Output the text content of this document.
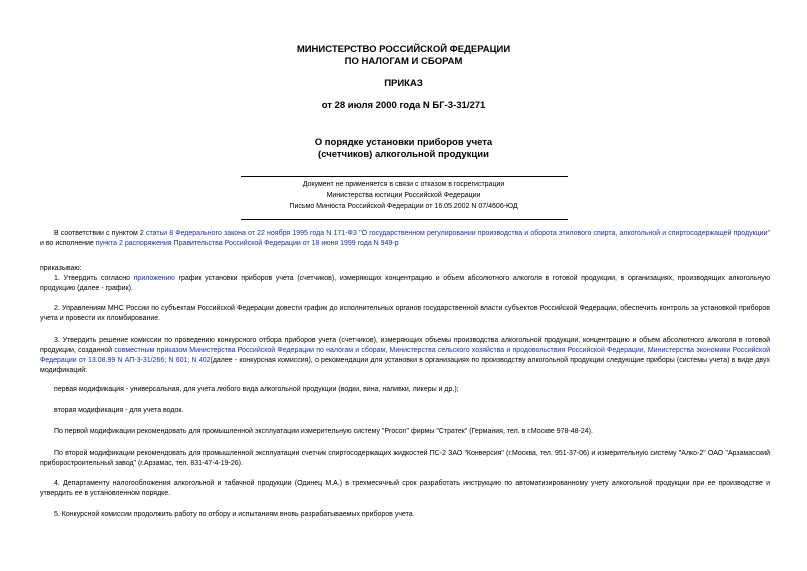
МИНИСТЕРСТВО РОССИЙСКОЙ ФЕДЕРАЦИИ
ПО НАЛОГАМ И СБОРАМ
ПРИКАЗ
от 28 июля 2000 года N БГ-3-31/271
О порядке установки приборов учета
(счетчиков) алкогольной продукции
Документ не применяется в связи с отказом в госрегистрации
Министерства юстиции Российской Федерации
Письмо Минюста Российской Федерации от 16.05.2002 N 07/4606-ЮД

В соответствии с пунктом 2 статьи 8 Федерального закона от 22 ноября 1995 года N 171-ФЗ "О государственном регулировании производства и оборота этилового спирта, алкогольной и спиртосодержащей продукции" и во исполнение пункта 2 распоряжения Правительства Российской Федерации от 18 июня 1999 года N 949-р

приказываю:

1. Утвердить согласно приложению график установки приборов учета (счетчиков), измеряющих концентрацию и объем абсолютного алкоголя в готовой продукции, в организациях, производящих алкогольную продукцию (далее - график).

2. Управлениям МНС России по субъектам Российской Федерации довести график до исполнительных органов государственной власти субъектов Российской Федерации, обеспечить контроль за установкой приборов учета и провести их пломбирование.

3. Утвердить решение комиссии по проведению конкурсного отбора приборов учета (счетчиков), измеряющих объемы производства алкогольной продукции, концентрацию и объем абсолютного алкоголя в готовой продукции, созданной совместным приказом Министерства Российской Федерации по налогам и сборам, Министерства сельского хозяйства и продовольствия Российской Федерации, Министерства экономики Российской Федерации от 13.08.99 N АП-3-31/266; N 601; N 402(далее - конкурсная комиссия), о рекомендации для установки в организациях по производству алкогольной продукции следующие приборы (системы учета) в виде двух модификаций:

первая модификация - универсальная, для учета любого вида алкогольной продукции (водки, вина, наливки, ликеры и др.);

вторая модификация - для учета водок.

По первой модификации рекомендовать для промышленной эксплуатации измерительную систему "Procon" фирмы "Стратек" (Германия, тел. в г.Москве 978-48-24).

По второй модификации рекомендовать для промышленной эксплуатации счетчик спиртосодержащих жидкостей ПС-2 ЗАО "Конверсия" (г.Москва, тел. 951-37-06) и измерительную систему "Алко-2" ОАО "Арзамасский приборостроительный завод" (г.Арзамас, тел. 831-47-4-19-26).

4. Департаменту налогообложения алкогольной и табачной продукции (Одинец М.А.) в трехмесячный срок разработать инструкцию по автоматизированному учету алкогольной продукции при ее производстве и утвердить ее в установленном порядке.

5. Конкурсной комиссии продолжить работу по отбору и испытаниям вновь разрабатываемых приборов учета.
